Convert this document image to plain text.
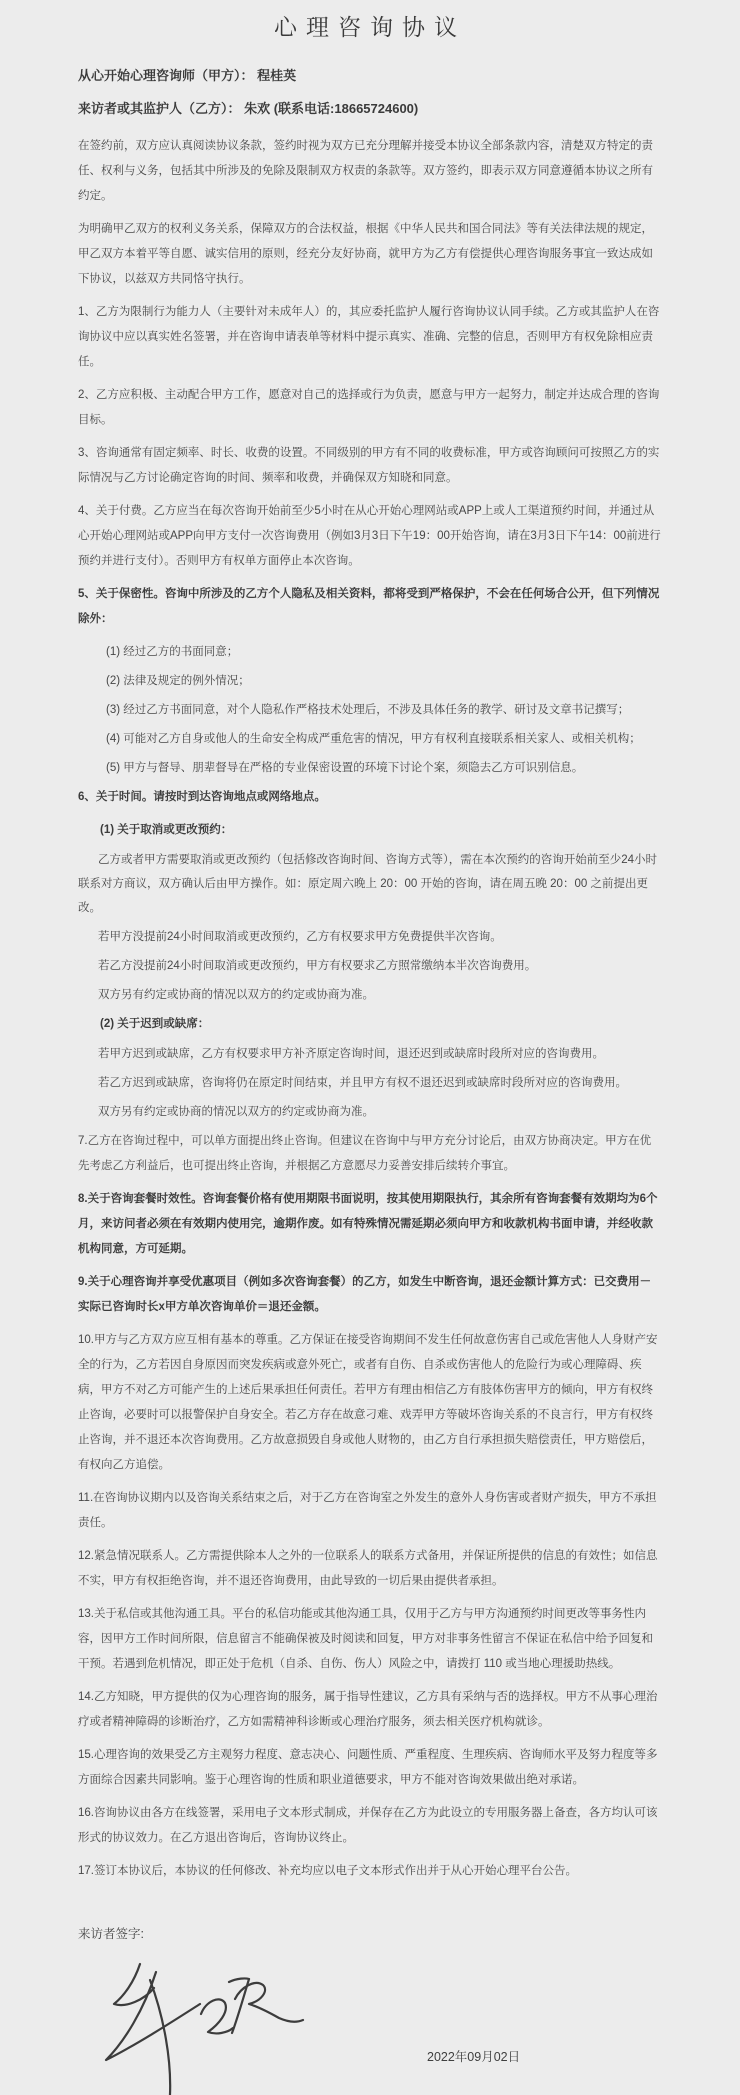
心理咨询协议

从心开始心理咨询师（甲方）： 程桂英

来访者或其监护人（乙方）： 朱欢 (联系电话:18665724600)

在签约前，双方应认真阅读协议条款，签约时视为双方已充分理解并接受本协议全部条款内容，清楚双方特定的责任、权利与义务，包括其中所涉及的免除及限制双方权责的条款等。双方签约，即表示双方同意遵循本协议之所有约定。

为明确甲乙双方的权利义务关系，保障双方的合法权益，根据《中华人民共和国合同法》等有关法律法规的规定，甲乙双方本着平等自愿、诚实信用的原则，经充分友好协商，就甲方为乙方有偿提供心理咨询服务事宜一致达成如下协议，以兹双方共同恪守执行。

1、乙方为限制行为能力人（主要针对未成年人）的，其应委托监护人履行咨询协议认同手续。乙方或其监护人在咨询协议中应以真实姓名签署，并在咨询申请表单等材料中提示真实、准确、完整的信息，否则甲方有权免除相应责任。

2、乙方应积极、主动配合甲方工作，愿意对自己的选择或行为负责，愿意与甲方一起努力，制定并达成合理的咨询目标。

3、咨询通常有固定频率、时长、收费的设置。不同级别的甲方有不同的收费标准，甲方或咨询顾问可按照乙方的实际情况与乙方讨论确定咨询的时间、频率和收费，并确保双方知晓和同意。

4、关于付费。乙方应当在每次咨询开始前至少5小时在从心开始心理网站或APP上或人工渠道预约时间，并通过从心开始心理网站或APP向甲方支付一次咨询费用（例如3月3日下午19：00开始咨询，请在3月3日下午14：00前进行预约并进行支付）。否则甲方有权单方面停止本次咨询。

5、关于保密性。咨询中所涉及的乙方个人隐私及相关资料，都将受到严格保护，不会在任何场合公开，但下列情况除外：

(1) 经过乙方的书面同意；

(2) 法律及规定的例外情况；

(3) 经过乙方书面同意，对个人隐私作严格技术处理后，不涉及具体任务的教学、研讨及文章书记撰写；

(4) 可能对乙方自身或他人的生命安全构成严重危害的情况，甲方有权利直接联系相关家人、或相关机构；

(5) 甲方与督导、朋辈督导在严格的专业保密设置的环境下讨论个案，须隐去乙方可识别信息。

6、关于时间。请按时到达咨询地点或网络地点。

(1) 关于取消或更改预约：

乙方或者甲方需要取消或更改预约（包括修改咨询时间、咨询方式等），需在本次预约的咨询开始前至少24小时联系对方商议，双方确认后由甲方操作。如：原定周六晚上 20：00 开始的咨询，请在周五晚 20：00 之前提出更改。

若甲方没提前24小时间取消或更改预约，乙方有权要求甲方免费提供半次咨询。

若乙方没提前24小时间取消或更改预约，甲方有权要求乙方照常缴纳本半次咨询费用。

双方另有约定或协商的情况以双方的约定或协商为准。

(2) 关于迟到或缺席：

若甲方迟到或缺席，乙方有权要求甲方补齐原定咨询时间，退还迟到或缺席时段所对应的咨询费用。

若乙方迟到或缺席，咨询将仍在原定时间结束，并且甲方有权不退还迟到或缺席时段所对应的咨询费用。

双方另有约定或协商的情况以双方的约定或协商为准。

7.乙方在咨询过程中，可以单方面提出终止咨询。但建议在咨询中与甲方充分讨论后，由双方协商决定。甲方在优先考虑乙方利益后，也可提出终止咨询，并根据乙方意愿尽力妥善安排后续转介事宜。

8.关于咨询套餐时效性。咨询套餐价格有使用期限书面说明，按其使用期限执行，其余所有咨询套餐有效期均为6个月，来访问者必须在有效期内使用完，逾期作废。如有特殊情况需延期必须向甲方和收款机构书面申请，并经收款机构同意，方可延期。

9.关于心理咨询并享受优惠项目（例如多次咨询套餐）的乙方，如发生中断咨询，退还金额计算方式：已交费用－实际已咨询时长x甲方单次咨询单价＝退还金额。

10.甲方与乙方双方应互相有基本的尊重。乙方保证在接受咨询期间不发生任何故意伤害自己或危害他人人身财产安全的行为，乙方若因自身原因而突发疾病或意外死亡，或者有自伤、自杀或伤害他人的危险行为或心理障碍、疾病，甲方不对乙方可能产生的上述后果承担任何责任。若甲方有理由相信乙方有肢体伤害甲方的倾向，甲方有权终止咨询，必要时可以报警保护自身安全。若乙方存在故意刁难、戏弄甲方等破坏咨询关系的不良言行，甲方有权终止咨询，并不退还本次咨询费用。乙方故意损毁自身或他人财物的，由乙方自行承担损失赔偿责任，甲方赔偿后，有权向乙方追偿。

11.在咨询协议期内以及咨询关系结束之后，对于乙方在咨询室之外发生的意外人身伤害或者财产损失，甲方不承担责任。

12.紧急情况联系人。乙方需提供除本人之外的一位联系人的联系方式备用，并保证所提供的信息的有效性；如信息不实，甲方有权拒绝咨询，并不退还咨询费用，由此导致的一切后果由提供者承担。

13.关于私信或其他沟通工具。平台的私信功能或其他沟通工具，仅用于乙方与甲方沟通预约时间更改等事务性内容，因甲方工作时间所限，信息留言不能确保被及时阅读和回复，甲方对非事务性留言不保证在私信中给予回复和干预。若遇到危机情况，即正处于危机（自杀、自伤、伤人）风险之中，请拨打 110 或当地心理援助热线。

14.乙方知晓，甲方提供的仅为心理咨询的服务，属于指导性建议，乙方具有采纳与否的选择权。甲方不从事心理治疗或者精神障碍的诊断治疗，乙方如需精神科诊断或心理治疗服务，须去相关医疗机构就诊。

15.心理咨询的效果受乙方主观努力程度、意志决心、问题性质、严重程度、生理疾病、咨询师水平及努力程度等多方面综合因素共同影响。鉴于心理咨询的性质和职业道德要求，甲方不能对咨询效果做出绝对承诺。

16.咨询协议由各方在线签署，采用电子文本形式制成，并保存在乙方为此设立的专用服务器上备查，各方均认可该形式的协议效力。在乙方退出咨询后，咨询协议终止。

17.签订本协议后，本协议的任何修改、补充均应以电子文本形式作出并于从心开始心理平台公告。

来访者签字:

2022年09月02日
